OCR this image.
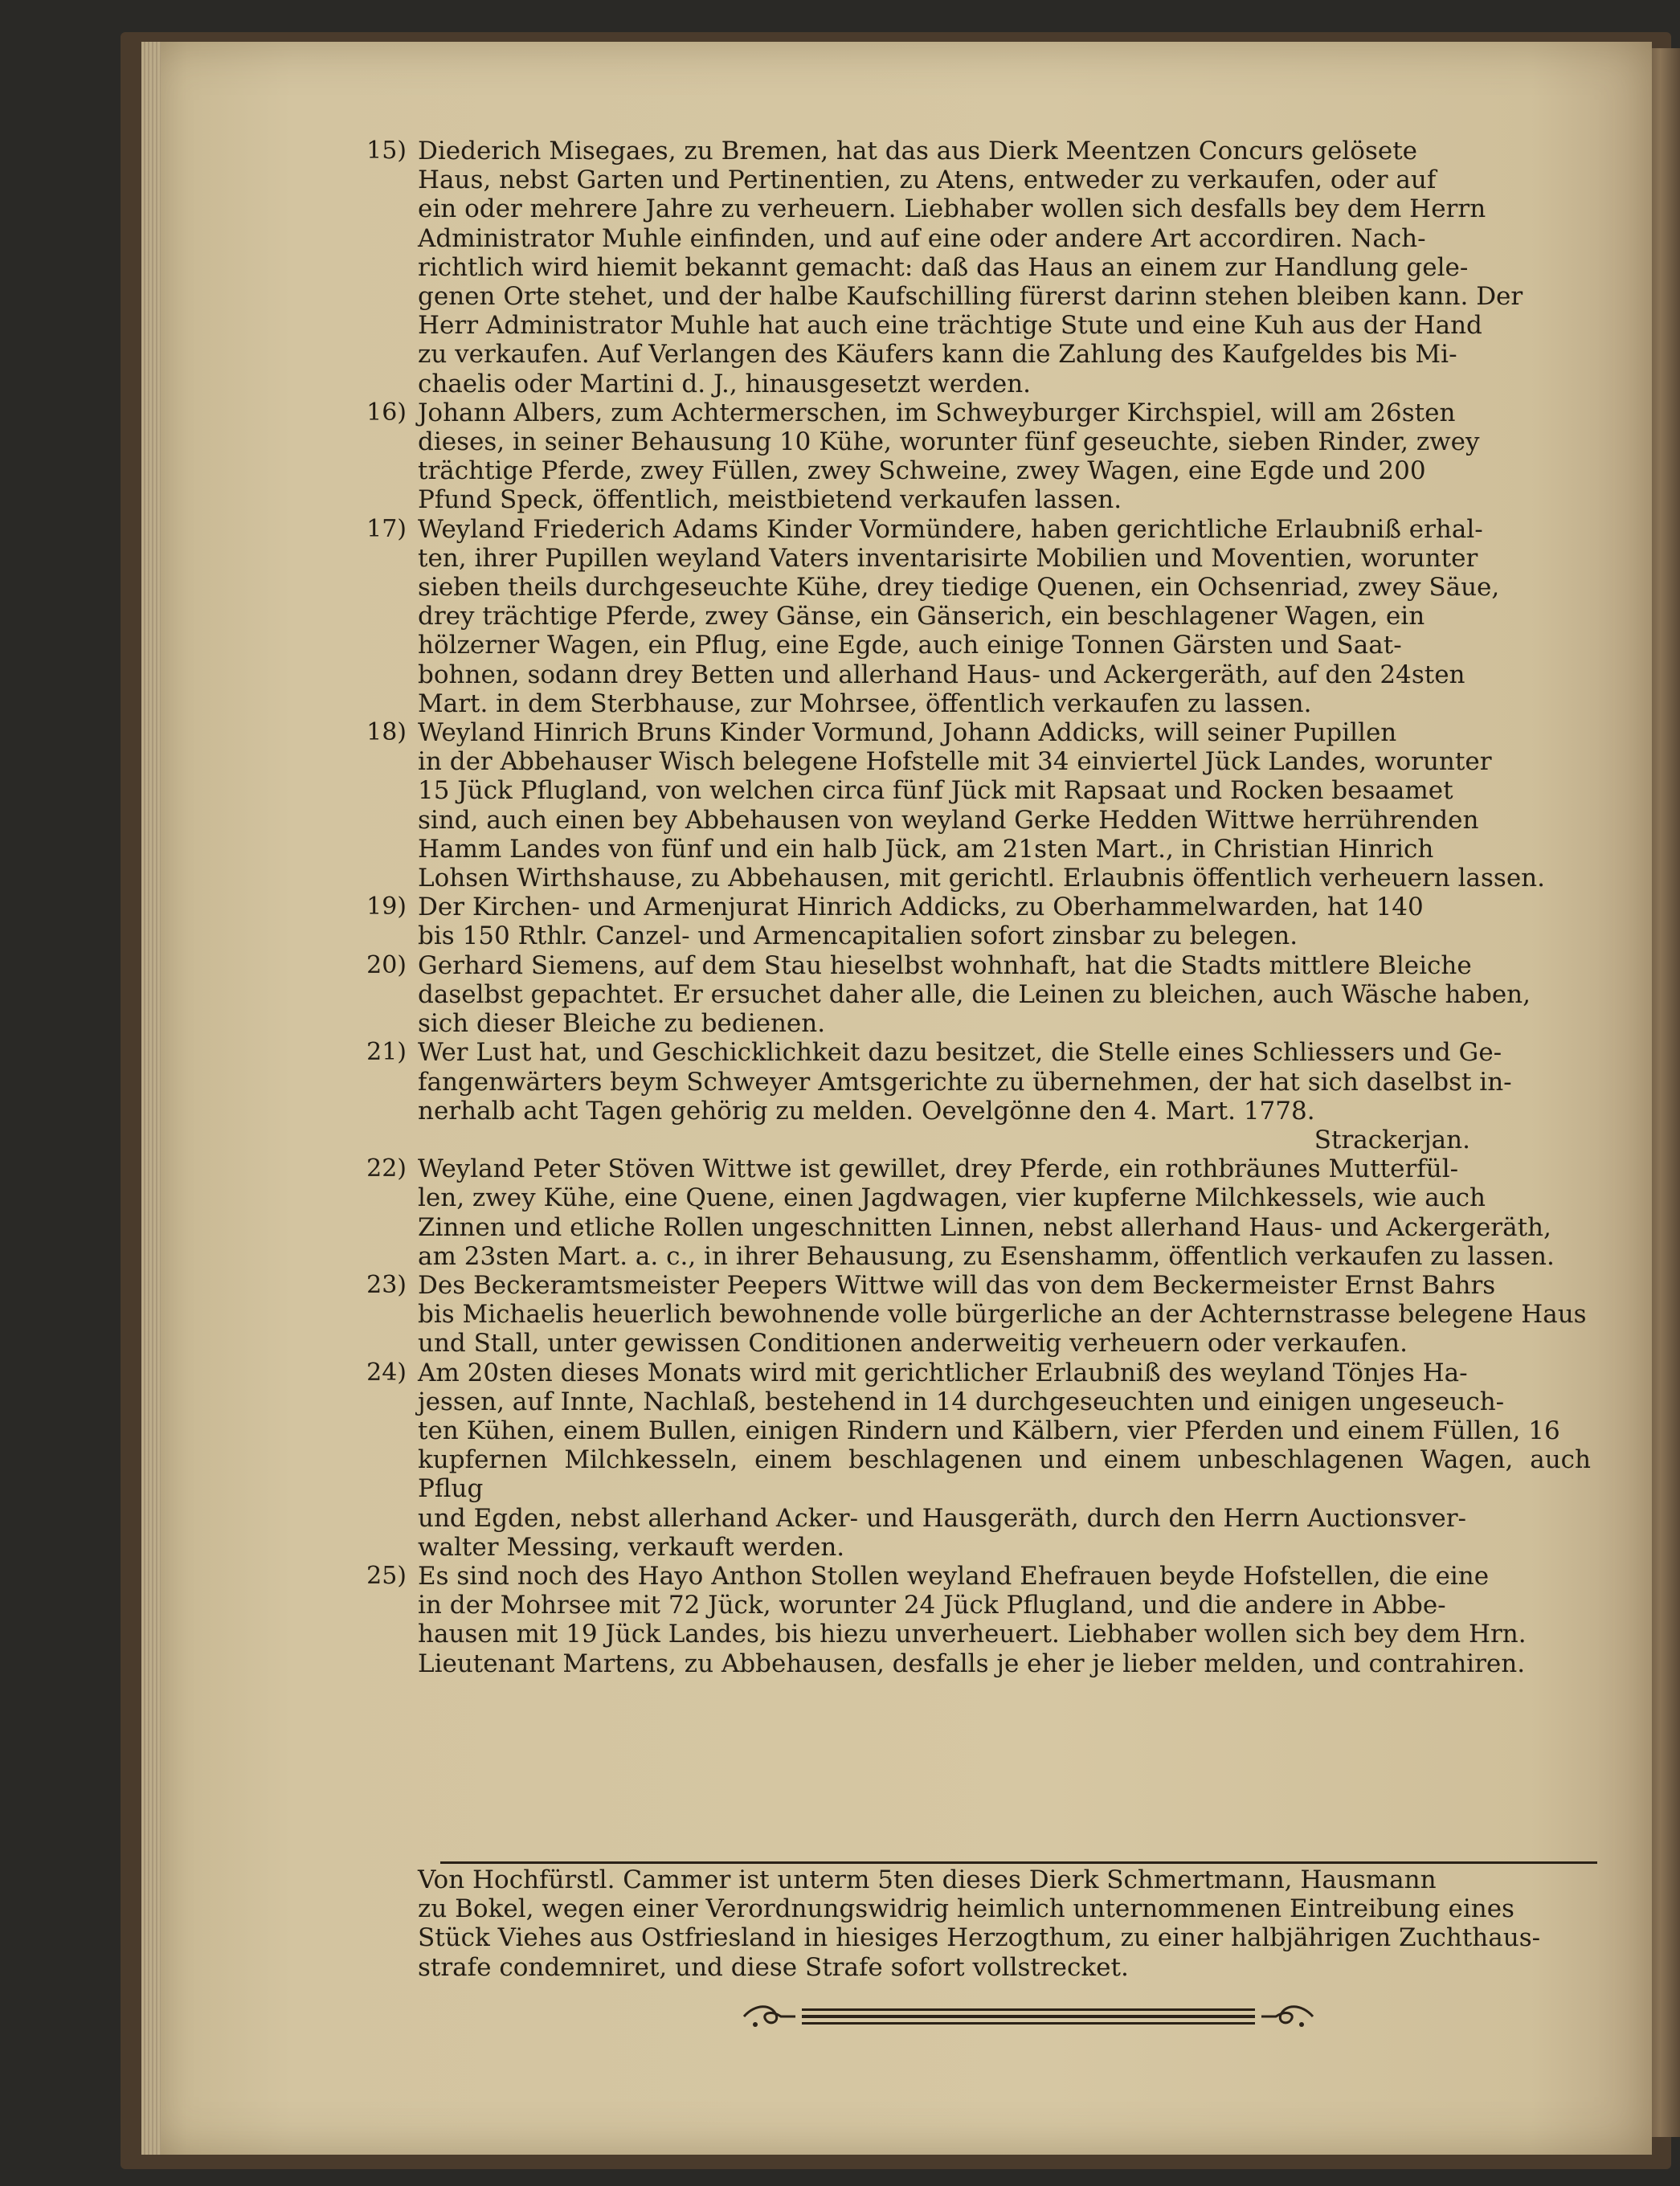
15) Diederich Misegaes, zu Bremen, hat das aus Dierk Meentzen Concurs gelösete
Haus, nebst Garten und Pertinentien, zu Atens, entweder zu verkaufen, oder auf
ein oder mehrere Jahre zu verheuern. Liebhaber wollen sich desfalls bey dem Herrn
Administrator Muhle einfinden, und auf eine oder andere Art accordiren. Nach-
richtlich wird hiemit bekannt gemacht: daß das Haus an einem zur Handlung gele-
genen Orte stehet, und der halbe Kaufschilling fürerst darinn stehen bleiben kann. Der
Herr Administrator Muhle hat auch eine trächtige Stute und eine Kuh aus der Hand
zu verkaufen. Auf Verlangen des Käufers kann die Zahlung des Kaufgeldes bis Mi-
chaelis oder Martini d. J., hinausgesetzt werden.

16) Johann Albers, zum Achtermerschen, im Schweyburger Kirchspiel, will am 26sten
dieses, in seiner Behausung 10 Kühe, worunter fünf geseuchte, sieben Rinder, zwey
trächtige Pferde, zwey Füllen, zwey Schweine, zwey Wagen, eine Egde und 200
Pfund Speck, öffentlich, meistbietend verkaufen lassen.

17) Weyland Friederich Adams Kinder Vormündere, haben gerichtliche Erlaubniß erhal-
ten, ihrer Pupillen weyland Vaters inventarisirte Mobilien und Moventien, worunter
sieben theils durchgeseuchte Kühe, drey tiedige Quenen, ein Ochsenriad, zwey Säue,
drey trächtige Pferde, zwey Gänse, ein Gänserich, ein beschlagener Wagen, ein
hölzerner Wagen, ein Pflug, eine Egde, auch einige Tonnen Gärsten und Saat-
bohnen, sodann drey Betten und allerhand Haus- und Ackergeräth, auf den 24sten
Mart. in dem Sterbhause, zur Mohrsee, öffentlich verkaufen zu lassen.

18) Weyland Hinrich Bruns Kinder Vormund, Johann Addicks, will seiner Pupillen
in der Abbehauser Wisch belegene Hofstelle mit 34 einviertel Jück Landes, worunter
15 Jück Pflugland, von welchen circa fünf Jück mit Rapsaat und Rocken besaamet
sind, auch einen bey Abbehausen von weyland Gerke Hedden Wittwe herrührenden
Hamm Landes von fünf und ein halb Jück, am 21sten Mart., in Christian Hinrich
Lohsen Wirthshause, zu Abbehausen, mit gerichtl. Erlaubnis öffentlich verheuern lassen.

19) Der Kirchen- und Armenjurat Hinrich Addicks, zu Oberhammelwarden, hat 140
bis 150 Rthlr. Canzel- und Armencapitalien sofort zinsbar zu belegen.

20) Gerhard Siemens, auf dem Stau hieselbst wohnhaft, hat die Stadts mittlere Bleiche
daselbst gepachtet. Er ersuchet daher alle, die Leinen zu bleichen, auch Wäsche haben,
sich dieser Bleiche zu bedienen.

21) Wer Lust hat, und Geschicklichkeit dazu besitzet, die Stelle eines Schliessers und Ge-
fangenwärters beym Schweyer Amtsgerichte zu übernehmen, der hat sich daselbst in-
nerhalb acht Tagen gehörig zu melden. Oevelgönne den 4. Mart. 1778.

Strackerjan.

22) Weyland Peter Stöven Wittwe ist gewillet, drey Pferde, ein rothbräunes Mutterfül-
len, zwey Kühe, eine Quene, einen Jagdwagen, vier kupferne Milchkessels, wie auch
Zinnen und etliche Rollen ungeschnitten Linnen, nebst allerhand Haus- und Ackergeräth,
am 23sten Mart. a. c., in ihrer Behausung, zu Esenshamm, öffentlich verkaufen zu lassen.

23) Des Beckeramtsmeister Peepers Wittwe will das von dem Beckermeister Ernst Bahrs
bis Michaelis heuerlich bewohnende volle bürgerliche an der Achternstrasse belegene Haus
und Stall, unter gewissen Conditionen anderweitig verheuern oder verkaufen.

24) Am 20sten dieses Monats wird mit gerichtlicher Erlaubniß des weyland Tönjes Ha-
jessen, auf Innte, Nachlaß, bestehend in 14 durchgeseuchten und einigen ungeseuch-
ten Kühen, einem Bullen, einigen Rindern und Kälbern, vier Pferden und einem Füllen, 16
kupfernen Milchkesseln, einem beschlagenen und einem unbeschlagenen Wagen, auch Pflug
und Egden, nebst allerhand Acker- und Hausgeräth, durch den Herrn Auctionsver-
walter Messing, verkauft werden.

25) Es sind noch des Hayo Anthon Stollen weyland Ehefrauen beyde Hofstellen, die eine
in der Mohrsee mit 72 Jück, worunter 24 Jück Pflugland, und die andere in Abbe-
hausen mit 19 Jück Landes, bis hiezu unverheuert. Liebhaber wollen sich bey dem Hrn.
Lieutenant Martens, zu Abbehausen, desfalls je eher je lieber melden, und contrahiren.

Von Hochfürstl. Cammer ist unterm 5ten dieses Dierk Schmertmann, Hausmann
zu Bokel, wegen einer Verordnungswidrig heimlich unternommenen Eintreibung eines
Stück Viehes aus Ostfriesland in hiesiges Herzogthum, zu einer halbjährigen Zuchthaus-
strafe condemniret, und diese Strafe sofort vollstrecket.
